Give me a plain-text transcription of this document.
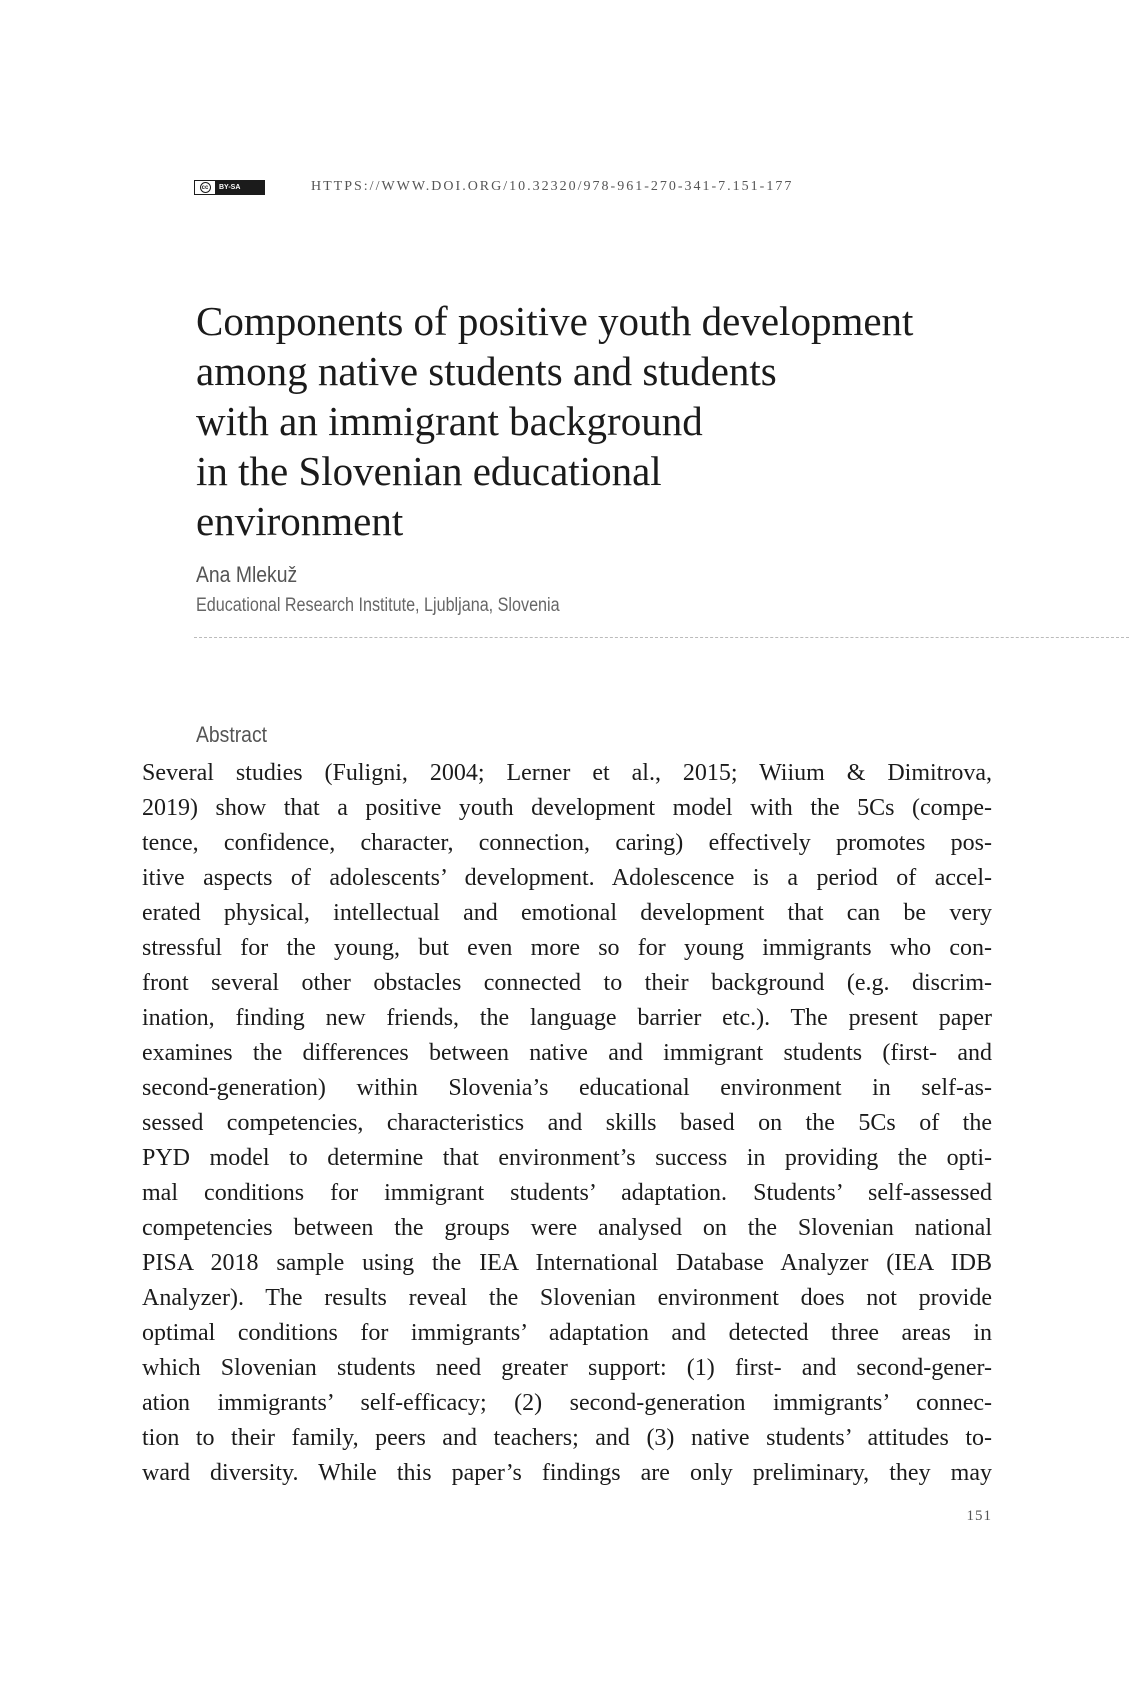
cc	BY-SA	HTTPS://WWW.DOI.ORG/10.32320/978-961-270-341-7.151-177
Components of positive youth development
among native students and students
with an immigrant background
in the Slovenian educational
environment
Ana Mlekuž
Educational Research Institute, Ljubljana, Slovenia
Abstract
Several studies (Fuligni, 2004; Lerner et al., 2015; Wiium & Dimitrova,
2019) show that a positive youth development model with the 5Cs (compe-
tence, confidence, character, connection, caring) effectively promotes pos-
itive aspects of adolescents’ development. Adolescence is a period of accel-
erated physical, intellectual and emotional development that can be very
stressful for the young, but even more so for young immigrants who con-
front several other obstacles connected to their background (e.g. discrim-
ination, finding new friends, the language barrier etc.). The present paper
examines the differences between native and immigrant students (first- and
second-generation) within Slovenia’s educational environment in self-as-
sessed competencies, characteristics and skills based on the 5Cs of the
PYD model to determine that environment’s success in providing the opti-
mal conditions for immigrant students’ adaptation. Students’ self-assessed
competencies between the groups were analysed on the Slovenian national
PISA 2018 sample using the IEA International Database Analyzer (IEA IDB
Analyzer). The results reveal the Slovenian environment does not provide
optimal conditions for immigrants’ adaptation and detected three areas in
which Slovenian students need greater support: (1) first- and second-gener-
ation immigrants’ self-efficacy; (2) second-generation immigrants’ connec-
tion to their family, peers and teachers; and (3) native students’ attitudes to-
ward diversity. While this paper’s findings are only preliminary, they may
151
